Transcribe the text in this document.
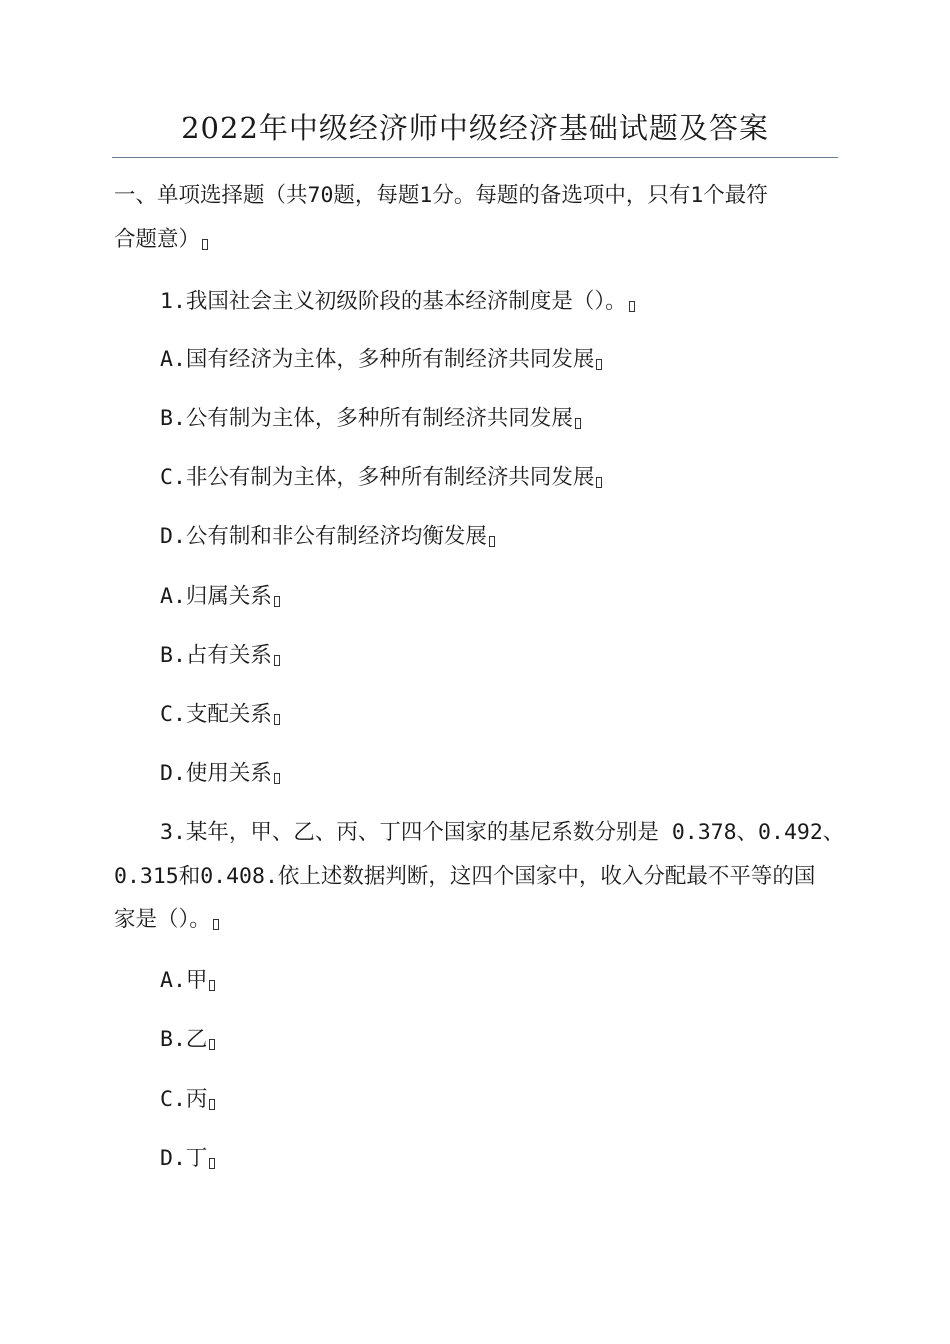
2022年中级经济师中级经济基础试题及答案
一、单项选择题（共70题，每题1分。每题的备选项中，只有1个最符
合题意）
1.我国社会主义初级阶段的基本经济制度是（）。
A.国有经济为主体，多种所有制经济共同发展
B.公有制为主体，多种所有制经济共同发展
C.非公有制为主体，多种所有制经济共同发展
D.公有制和非公有制经济均衡发展
A.归属关系
B.占有关系
C.支配关系
D.使用关系
3.某年，甲、乙、丙、丁四个国家的基尼系数分别是 0.378、0.492、
0.315和0.408.依上述数据判断，这四个国家中，收入分配最不平等的国
家是（）。
A.甲
B.乙
C.丙
D.丁
